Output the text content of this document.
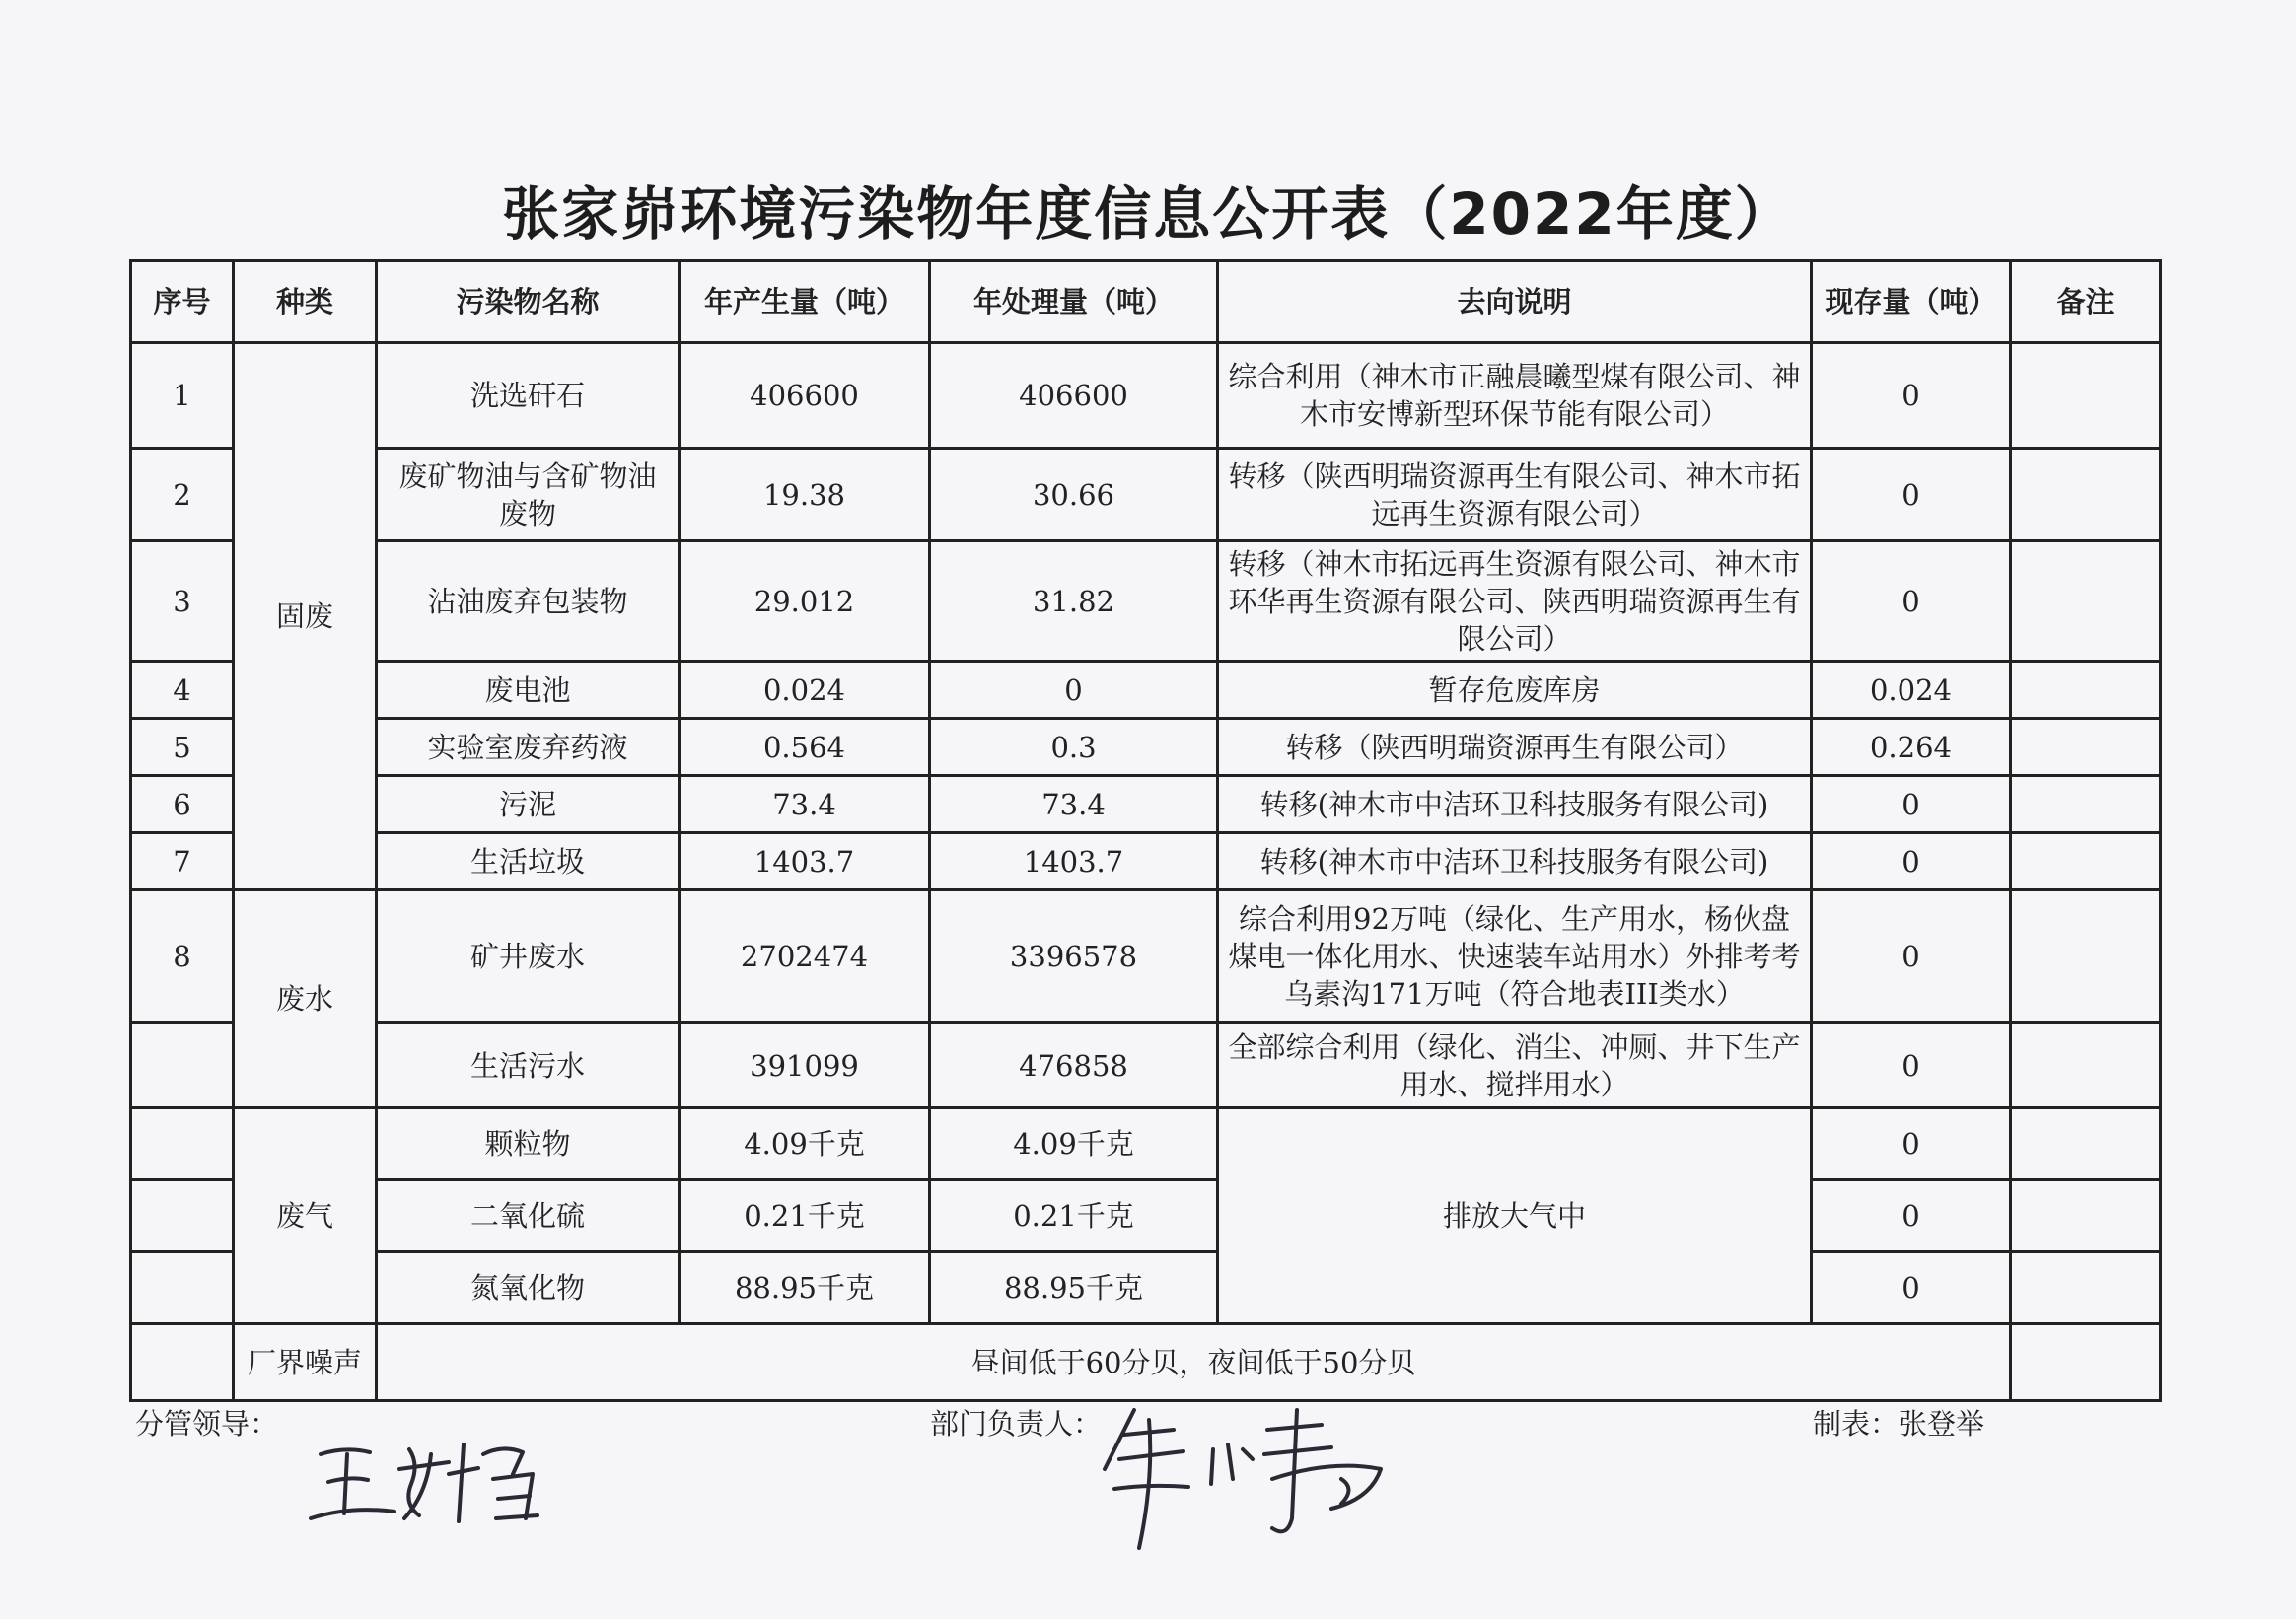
张家峁环境污染物年度信息公开表（2022年度）
序号	种类	污染物名称	年产生量（吨）	年处理量（吨）	去向说明	现存量（吨）	备注
1	固废	洗选矸石	406600	406600	综合利用（神木市正融晨曦型煤有限公司、神木市安博新型环保节能有限公司）	0	
2		废矿物油与含矿物油废物	19.38	30.66	转移（陕西明瑞资源再生有限公司、神木市拓远再生资源有限公司）	0	
3		沾油废弃包装物	29.012	31.82	转移（神木市拓远再生资源有限公司、神木市环华再生资源有限公司、陕西明瑞资源再生有限公司）	0	
4		废电池	0.024	0	暂存危废库房	0.024	
5		实验室废弃药液	0.564	0.3	转移（陕西明瑞资源再生有限公司）	0.264	
6		污泥	73.4	73.4	转移(神木市中洁环卫科技服务有限公司)	0	
7		生活垃圾	1403.7	1403.7	转移(神木市中洁环卫科技服务有限公司)	0	
8	废水	矿井废水	2702474	3396578	综合利用92万吨（绿化、生产用水，杨伙盘煤电一体化用水、快速装车站用水）外排考考乌素沟171万吨（符合地表III类水）	0	
		生活污水	391099	476858	全部综合利用（绿化、消尘、冲厕、井下生产用水、搅拌用水）	0	
	废气	颗粒物	4.09千克	4.09千克	排放大气中	0	
		二氧化硫	0.21千克	0.21千克		0	
		氮氧化物	88.95千克	88.95千克		0	
	厂界噪声	昼间低于60分贝，夜间低于50分贝					
分管领导：	部门负责人：	制表：张登举
